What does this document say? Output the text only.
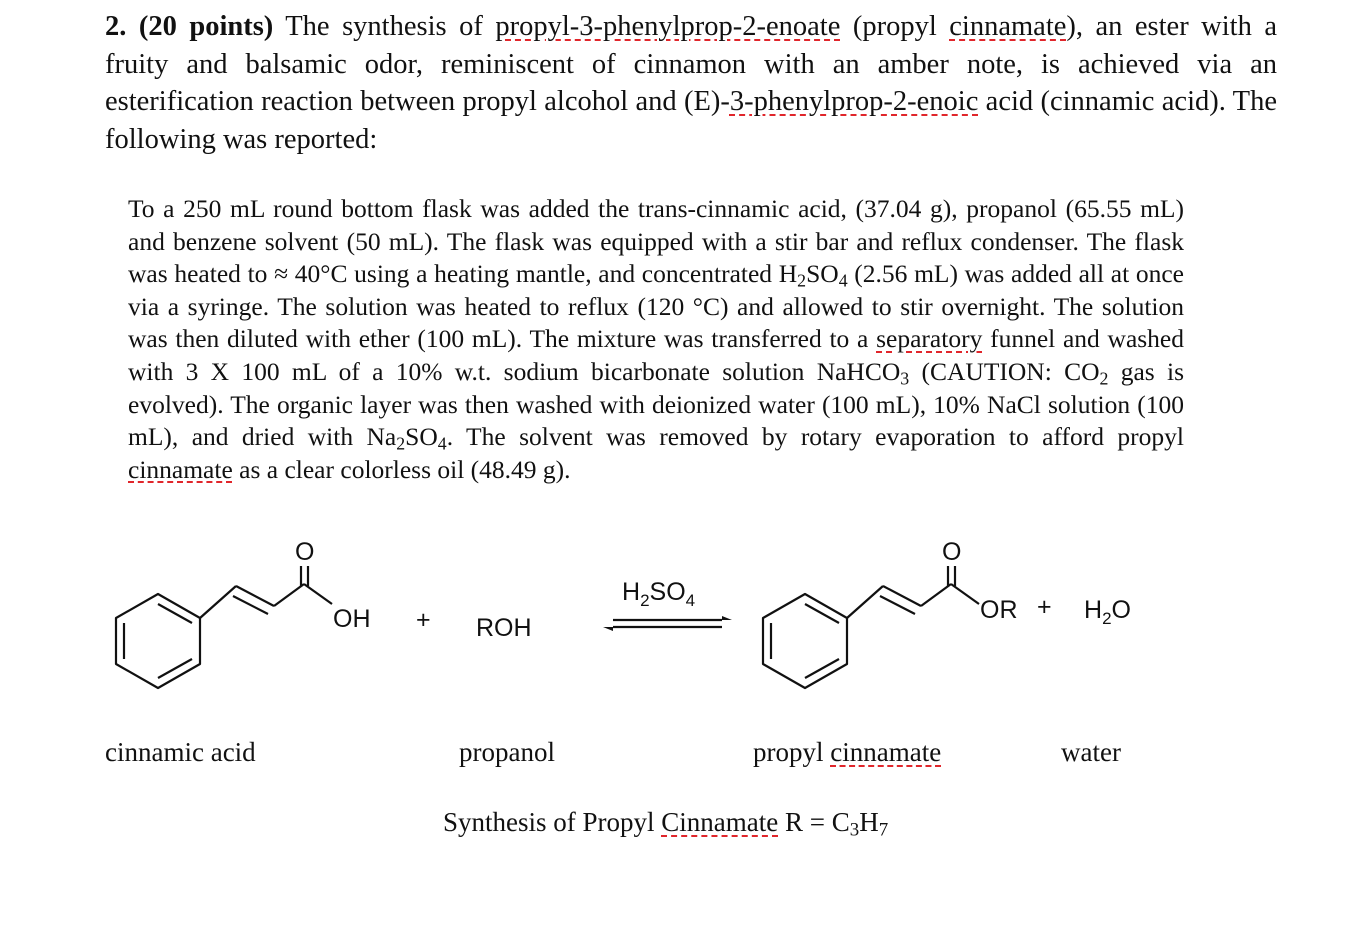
2. (20 points) The synthesis of propyl-3-phenylprop-2-enoate (propyl cinnamate), an ester with a fruity and balsamic odor, reminiscent of cinnamon with an amber note, is achieved via an esterification reaction between propyl alcohol and (E)-3-phenylprop-2-enoic acid (cinnamic acid). The following was reported:
To a 250 mL round bottom flask was added the trans-cinnamic acid, (37.04 g), propanol (65.55 mL) and benzene solvent (50 mL). The flask was equipped with a stir bar and reflux condenser. The flask was heated to ≈ 40°C using a heating mantle, and concentrated $H_2SO_4$ (2.56 mL) was added all at once via a syringe. The solution was heated to reflux (120 °C) and allowed to stir overnight. The solution was then diluted with ether (100 mL). The mixture was transferred to a separatory funnel and washed with 3 X 100 mL of a 10% w.t. sodium bicarbonate solution NaHCO$_3$ (CAUTION: $CO_2$ gas is evolved). The organic layer was then washed with deionized water (100 mL), 10% NaCl solution (100 mL), and dried with $Na_2SO_4$. The solvent was removed by rotary evaporation to afford propyl cinnamate as a clear colorless oil (48.49 g).
O
OH + ROH
H2SO4
O
OR + H2O
cinnamic acid	propanol	propyl cinnamate	water
Synthesis of Propyl Cinnamate $R = C_3H_7$
